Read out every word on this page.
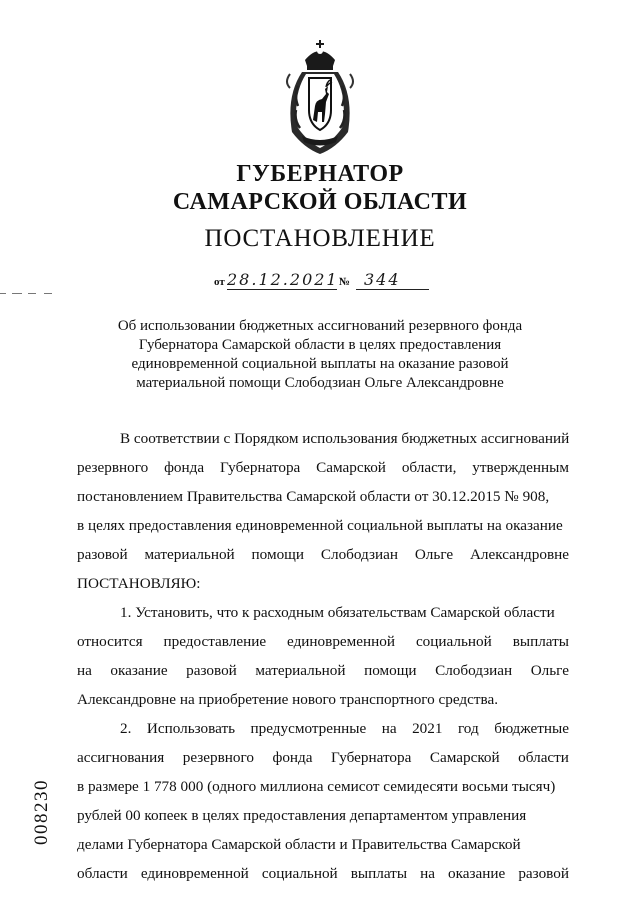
ГУБЕРНАТОР
САМАРСКОЙ ОБЛАСТИ
ПОСТАНОВЛЕНИЕ
от 28.12.2021 № 344
Об использовании бюджетных ассигнований резервного фонда
Губернатора Самарской области в целях предоставления
единовременной социальной выплаты на оказание разовой
материальной помощи Слободзиан Ольге Александровне
В соответствии с Порядком использования бюджетных ассигнований
резервного фонда Губернатора Самарской области, утвержденным
постановлением Правительства Самарской области от 30.12.2015 № 908,
в целях предоставления единовременной социальной выплаты на оказание
разовой материальной помощи Слободзиан Ольге Александровне
ПОСТАНОВЛЯЮ:
1. Установить, что к расходным обязательствам Самарской области
относится предоставление единовременной социальной выплаты
на оказание разовой материальной помощи Слободзиан Ольге
Александровне на приобретение нового транспортного средства.
2. Использовать предусмотренные на 2021 год бюджетные
ассигнования резервного фонда Губернатора Самарской области
в размере 1 778 000 (одного миллиона семисот семидесяти восьми тысяч)
рублей 00 копеек в целях предоставления департаментом управления
делами Губернатора Самарской области и Правительства Самарской
области единовременной социальной выплаты на оказание разовой
008230
